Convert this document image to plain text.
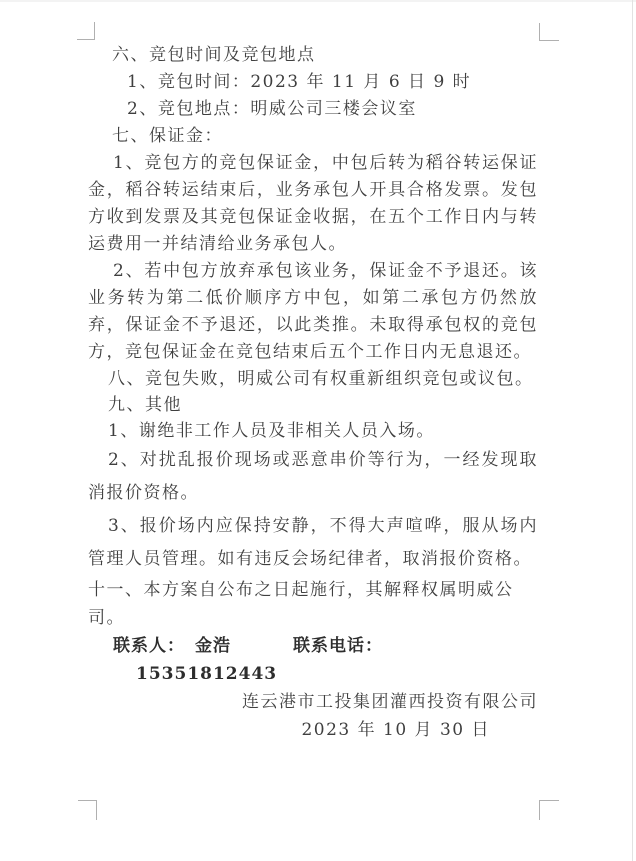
六、竞包时间及竞包地点

1、竞包时间：2023 年 11 月 6 日 9 时

2、竞包地点：明威公司三楼会议室

七、保证金：

1、竞包方的竞包保证金，中包后转为稻谷转运保证金，稻谷转运结束后，业务承包人开具合格发票。发包方收到发票及其竞包保证金收据，在五个工作日内与转运费用一并结清给业务承包人。

2、若中包方放弃承包该业务，保证金不予退还。该业务转为第二低价顺序方中包，如第二承包方仍然放弃，保证金不予退还，以此类推。未取得承包权的竞包方，竞包保证金在竞包结束后五个工作日内无息退还。

八、竞包失败，明威公司有权重新组织竞包或议包。

九、其他

1、谢绝非工作人员及非相关人员入场。

2、对扰乱报价现场或恶意串价等行为，一经发现取消报价资格。

3、报价场内应保持安静，不得大声喧哗，服从场内管理人员管理。如有违反会场纪律者，取消报价资格。

十一、本方案自公布之日起施行，其解释权属明威公司。

联系人： 金浩	联系电话：15351812443

连云港市工投集团灌西投资有限公司

2023 年 10 月 30 日
